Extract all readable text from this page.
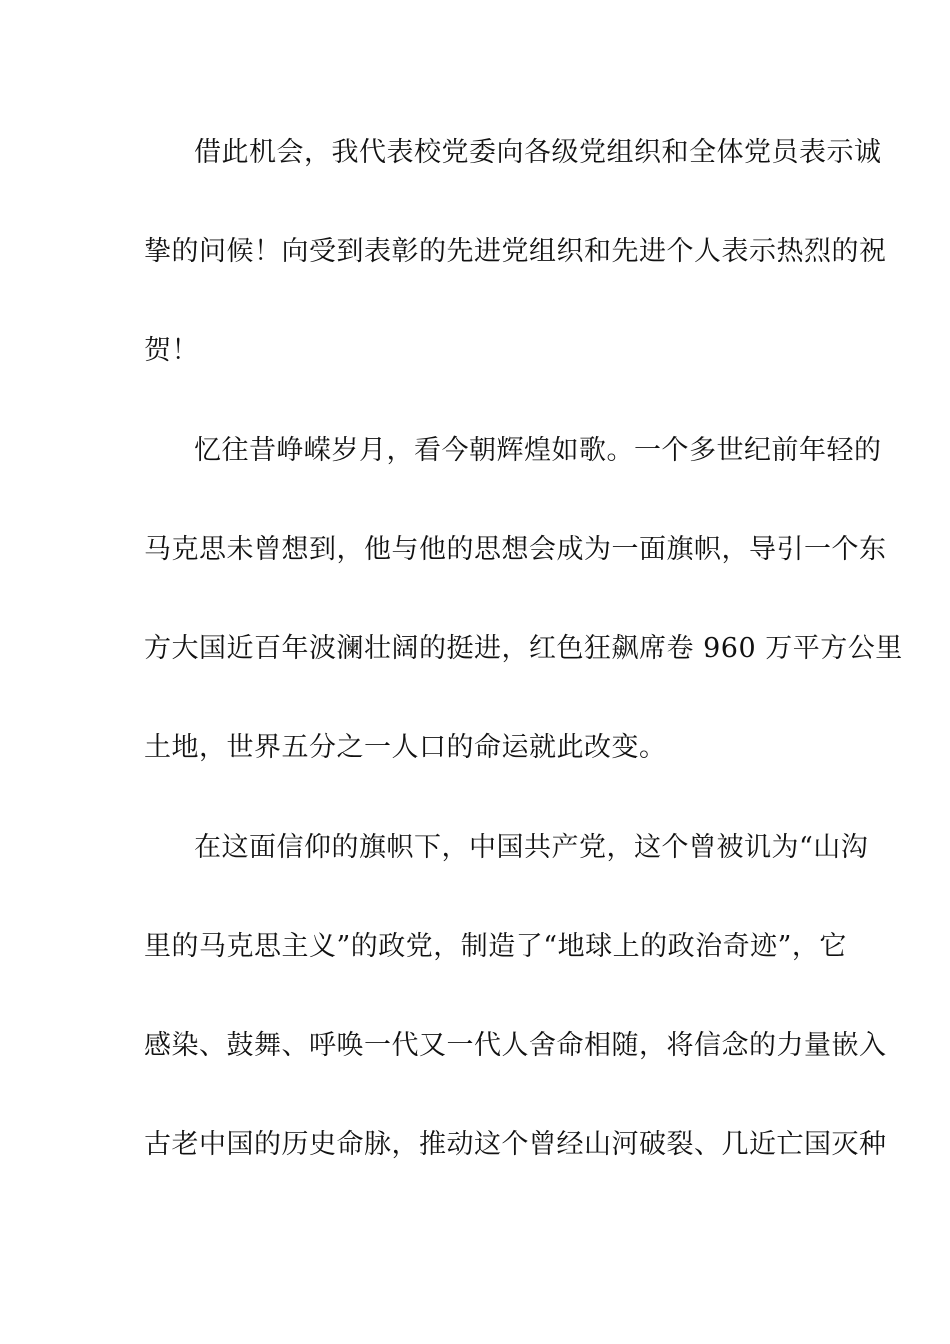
借此机会，我代表校党委向各级党组织和全体党员表示诚
挚的问候！向受到表彰的先进党组织和先进个人表示热烈的祝
贺！
忆往昔峥嵘岁月，看今朝辉煌如歌。一个多世纪前年轻的
马克思未曾想到，他与他的思想会成为一面旗帜，导引一个东
方大国近百年波澜壮阔的挺进，红色狂飙席卷 960 万平方公里
土地，世界五分之一人口的命运就此改变。
在这面信仰的旗帜下，中国共产党，这个曾被讥为“山沟
里的马克思主义”的政党，制造了“地球上的政治奇迹”，它
感染、鼓舞、呼唤一代又一代人舍命相随，将信念的力量嵌入
古老中国的历史命脉，推动这个曾经山河破裂、几近亡国灭种
